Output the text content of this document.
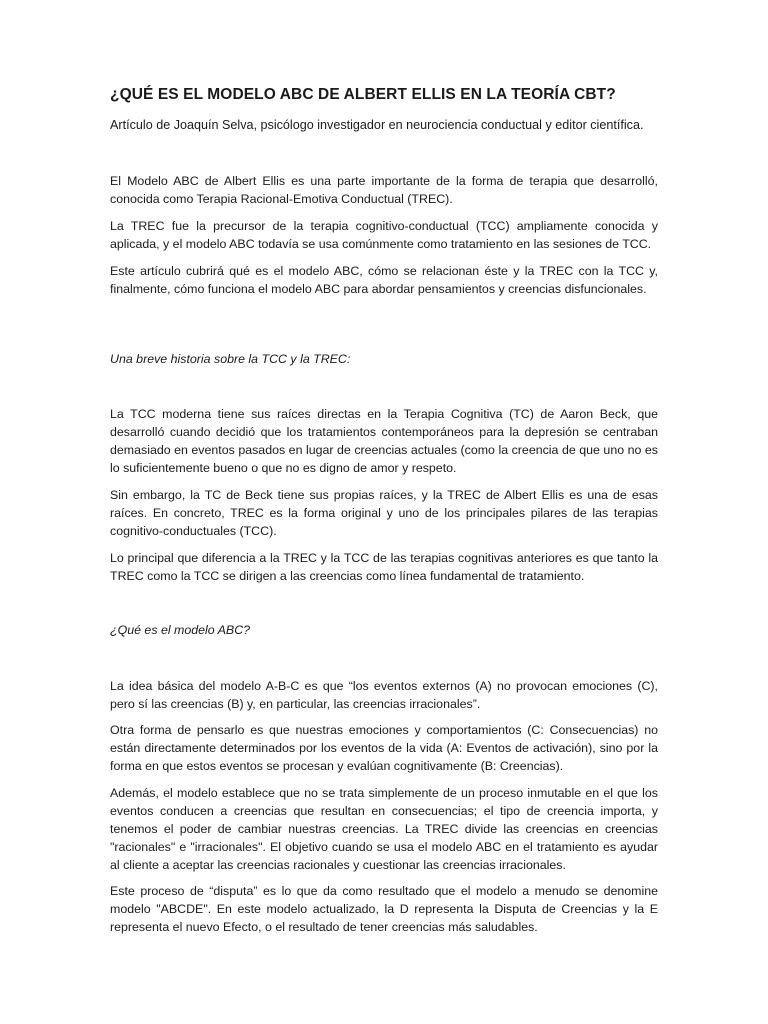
¿QUÉ ES EL MODELO ABC DE ALBERT ELLIS EN LA TEORÍA CBT?

Artículo de Joaquín Selva, psicólogo investigador en neurociencia conductual y editor científica.

El Modelo ABC de Albert Ellis es una parte importante de la forma de terapia que desarrolló, conocida como Terapia Racional-Emotiva Conductual (TREC).

La TREC fue la precursor de la terapia cognitivo-conductual (TCC) ampliamente conocida y aplicada, y el modelo ABC todavía se usa comúnmente como tratamiento en las sesiones de TCC.

Este artículo cubrirá qué es el modelo ABC, cómo se relacionan éste y la TREC con la TCC y, finalmente, cómo funciona el modelo ABC para abordar pensamientos y creencias disfuncionales.

Una breve historia sobre la TCC y la TREC:

La TCC moderna tiene sus raíces directas en la Terapia Cognitiva (TC) de Aaron Beck, que desarrolló cuando decidió que los tratamientos contemporáneos para la depresión se centraban demasiado en eventos pasados en lugar de creencias actuales (como la creencia de que uno no es lo suficientemente bueno o que no es digno de amor y respeto.

Sin embargo, la TC de Beck tiene sus propias raíces, y la TREC de Albert Ellis es una de esas raíces. En concreto, TREC es la forma original y uno de los principales pilares de las terapias cognitivo-conductuales (TCC).

Lo principal que diferencia a la TREC y la TCC de las terapias cognitivas anteriores es que tanto la TREC como la TCC se dirigen a las creencias como línea fundamental de tratamiento.

¿Qué es el modelo ABC?

La idea básica del modelo A-B-C es que “los eventos externos (A) no provocan emociones (C), pero sí las creencias (B) y, en particular, las creencias irracionales”.

Otra forma de pensarlo es que nuestras emociones y comportamientos (C: Consecuencias) no están directamente determinados por los eventos de la vida (A: Eventos de activación), sino por la forma en que estos eventos se procesan y evalúan cognitivamente (B: Creencias).

Además, el modelo establece que no se trata simplemente de un proceso inmutable en el que los eventos conducen a creencias que resultan en consecuencias; el tipo de creencia importa, y tenemos el poder de cambiar nuestras creencias. La TREC divide las creencias en creencias "racionales" e "irracionales". El objetivo cuando se usa el modelo ABC en el tratamiento es ayudar al cliente a aceptar las creencias racionales y cuestionar las creencias irracionales.

Este proceso de “disputa” es lo que da como resultado que el modelo a menudo se denomine modelo "ABCDE". En este modelo actualizado, la D representa la Disputa de Creencias y la E representa el nuevo Efecto, o el resultado de tener creencias más saludables.
